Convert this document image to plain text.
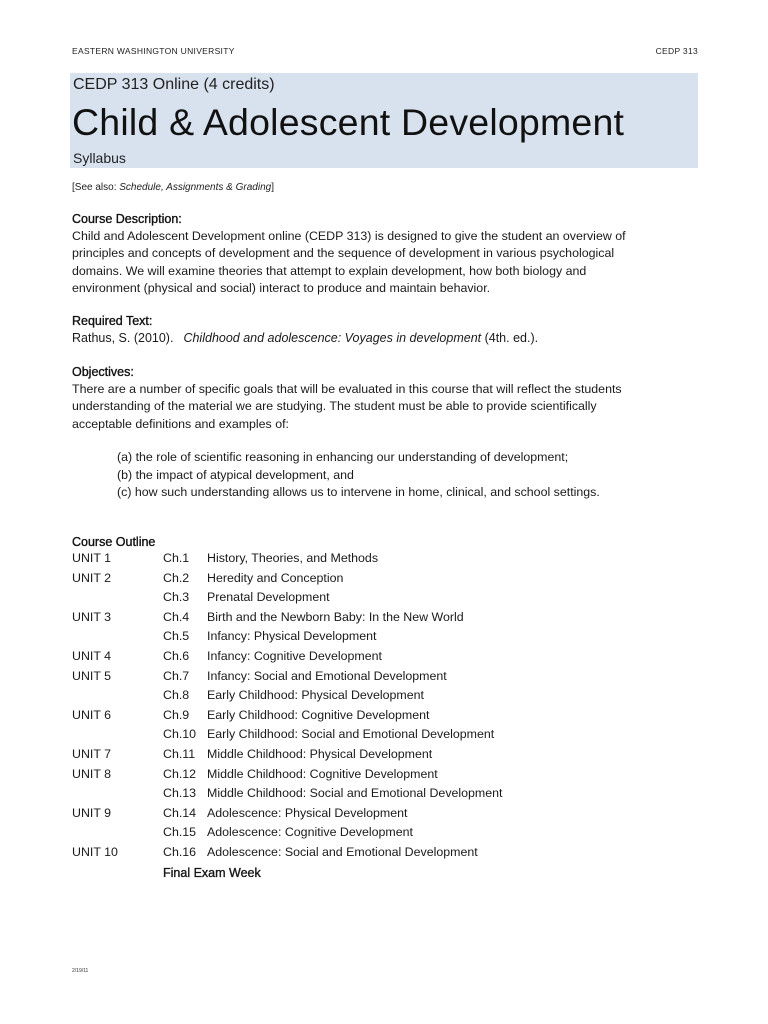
EASTERN WASHINGTON UNIVERSITY	CEDP 313
CEDP 313 Online (4 credits)
Child & Adolescent Development
Syllabus
[See also: Schedule, Assignments & Grading]
Course Description:
Child and Adolescent Development online (CEDP 313) is designed to give the student an overview of
principles and concepts of development and the sequence of development in various psychological
domains. We will examine theories that attempt to explain development, how both biology and
environment (physical and social) interact to produce and maintain behavior.
Required Text:
Rathus, S. (2010). Childhood and adolescence: Voyages in development (4th. ed.).
Objectives:
There are a number of specific goals that will be evaluated in this course that will reflect the students
understanding of the material we are studying. The student must be able to provide scientifically
acceptable definitions and examples of:
(a) the role of scientific reasoning in enhancing our understanding of development;
(b) the impact of atypical development, and
(c) how such understanding allows us to intervene in home, clinical, and school settings.
Course Outline
UNIT 1	Ch.1 History, Theories, and Methods
UNIT 2	Ch.2 Heredity and Conception
Ch.3 Prenatal Development
UNIT 3	Ch.4 Birth and the Newborn Baby: In the New World
Ch.5 Infancy: Physical Development
UNIT 4	Ch.6 Infancy: Cognitive Development
UNIT 5	Ch.7 Infancy: Social and Emotional Development
Ch.8 Early Childhood: Physical Development
UNIT 6	Ch.9 Early Childhood: Cognitive Development
Ch.10 Early Childhood: Social and Emotional Development
UNIT 7	Ch.11 Middle Childhood: Physical Development
UNIT 8	Ch.12 Middle Childhood: Cognitive Development
Ch.13 Middle Childhood: Social and Emotional Development
UNIT 9	Ch.14 Adolescence: Physical Development
Ch.15 Adolescence: Cognitive Development
UNIT 10	Ch.16 Adolescence: Social and Emotional Development
Final Exam Week
2/19/11
